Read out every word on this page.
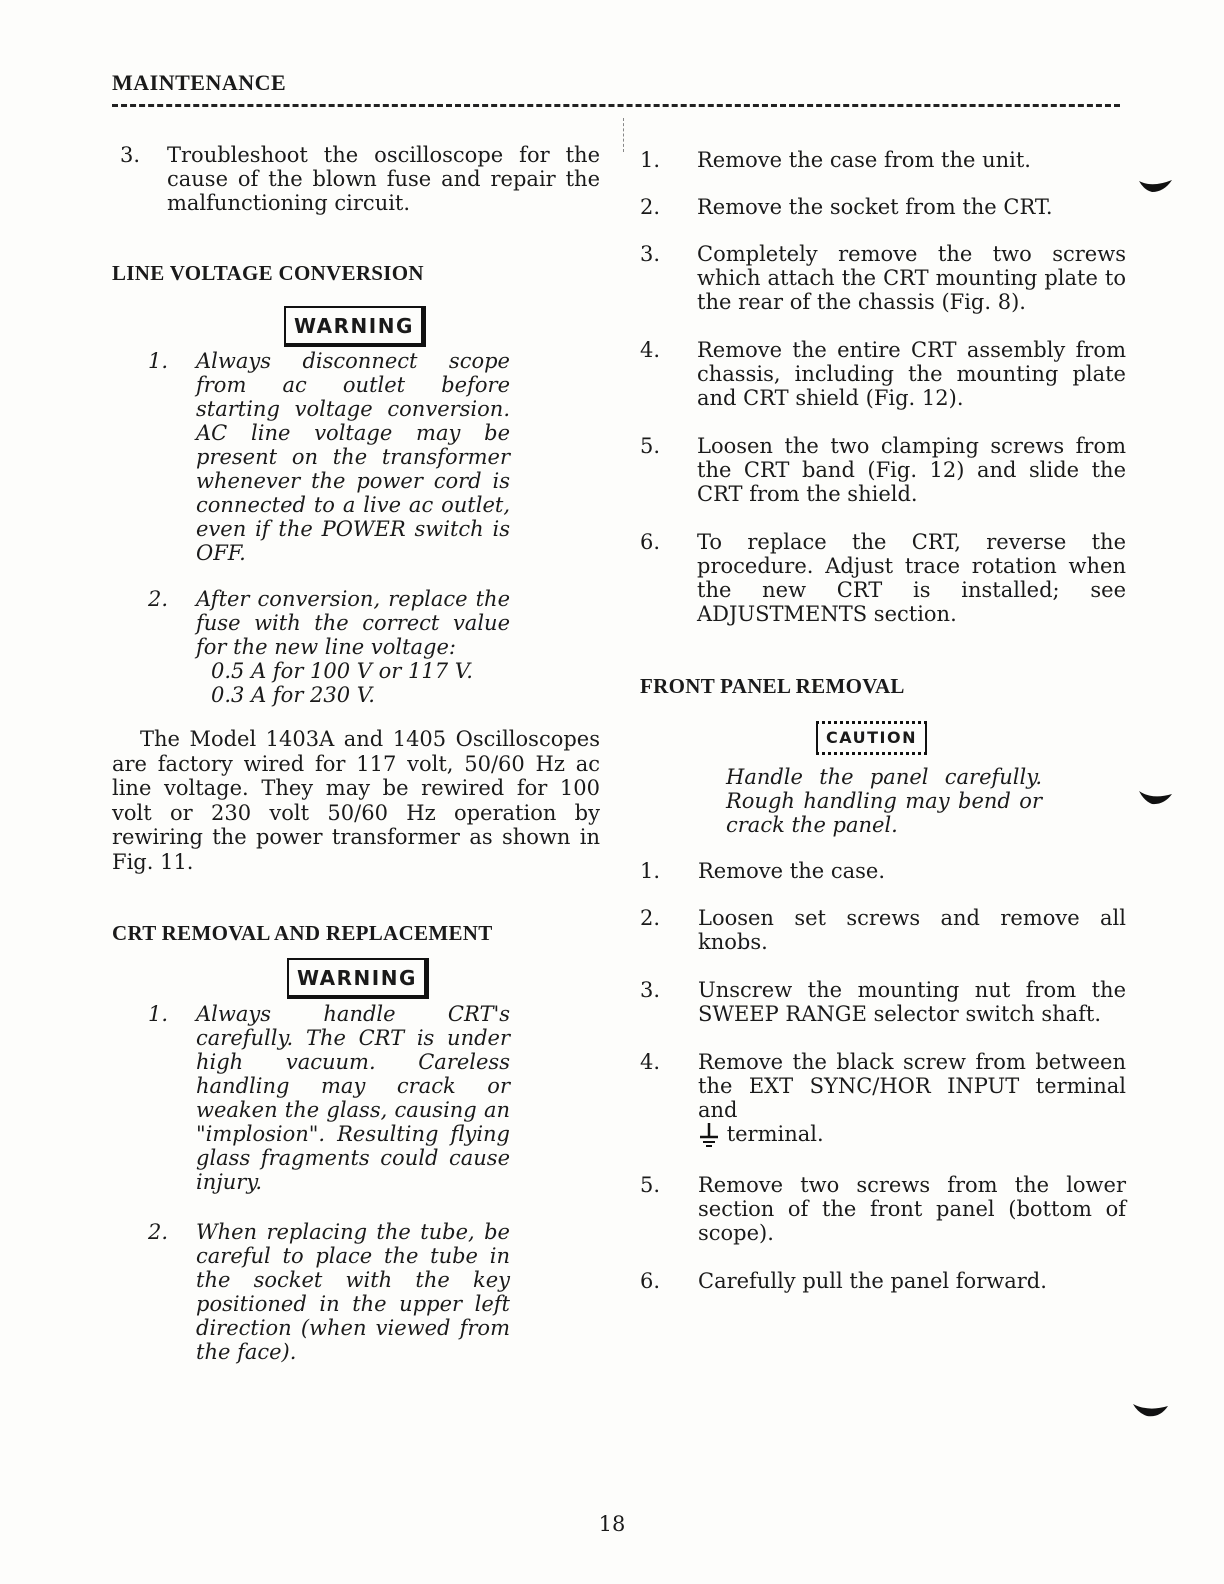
MAINTENANCE
3.	Troubleshoot the oscilloscope for the cause of the blown fuse and repair the malfunctioning circuit.
LINE VOLTAGE CONVERSION
WARNING
1.	Always disconnect scope from ac outlet before starting voltage conversion. AC line voltage may be present on the transformer whenever the power cord is connected to a live ac outlet, even if the POWER switch is OFF.
2.	After conversion, replace the fuse with the correct value for the new line voltage:
0.5 A for 100 V or 117 V.
0.3 A for 230 V.
The Model 1403A and 1405 Oscilloscopes are factory wired for 117 volt, 50/60 Hz ac line voltage. They may be rewired for 100 volt or 230 volt 50/60 Hz operation by rewiring the power transformer as shown in Fig. 11.
CRT REMOVAL AND REPLACEMENT
WARNING
1.	Always handle CRT's carefully. The CRT is under high vacuum. Careless handling may crack or weaken the glass, causing an "implosion". Resulting flying glass fragments could cause injury.
2.	When replacing the tube, be careful to place the tube in the socket with the key positioned in the upper left direction (when viewed from the face).
1.	Remove the case from the unit.
2.	Remove the socket from the CRT.
3.	Completely remove the two screws which attach the CRT mounting plate to the rear of the chassis (Fig. 8).
4.	Remove the entire CRT assembly from chassis, including the mounting plate and CRT shield (Fig. 12).
5.	Loosen the two clamping screws from the CRT band (Fig. 12) and slide the CRT from the shield.
6.	To replace the CRT, reverse the procedure. Adjust trace rotation when the new CRT is installed; see ADJUSTMENTS section.
FRONT PANEL REMOVAL
CAUTION
Handle the panel carefully. Rough handling may bend or crack the panel.
1.	Remove the case.
2.	Loosen set screws and remove all knobs.
3.	Unscrew the mounting nut from the SWEEP RANGE selector switch shaft.
4.	Remove the black screw from between the EXT SYNC/HOR INPUT terminal and
terminal.
5.	Remove two screws from the lower section of the front panel (bottom of scope).
6.	Carefully pull the panel forward.
18
